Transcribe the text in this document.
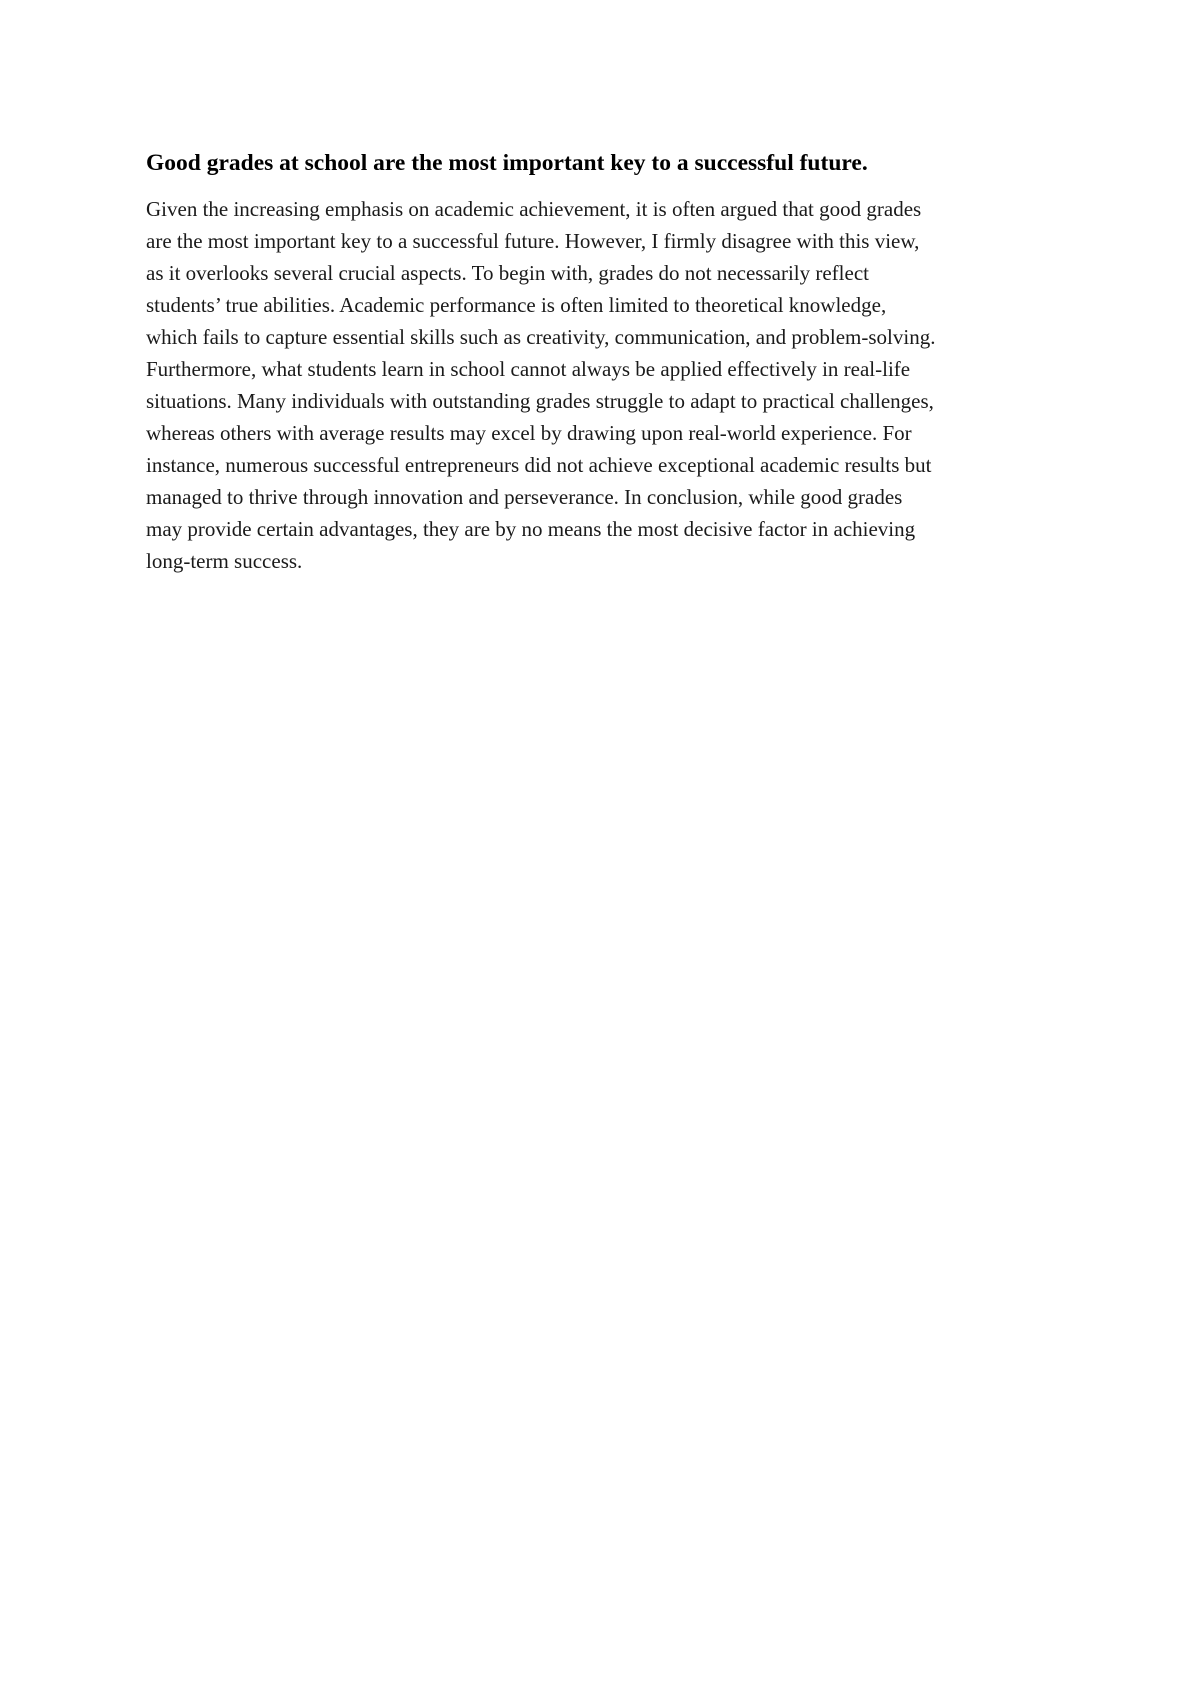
Good grades at school are the most important key to a successful future.

Given the increasing emphasis on academic achievement, it is often argued that good grades
are the most important key to a successful future. However, I firmly disagree with this view,
as it overlooks several crucial aspects. To begin with, grades do not necessarily reflect
students’ true abilities. Academic performance is often limited to theoretical knowledge,
which fails to capture essential skills such as creativity, communication, and problem-solving.
Furthermore, what students learn in school cannot always be applied effectively in real-life
situations. Many individuals with outstanding grades struggle to adapt to practical challenges,
whereas others with average results may excel by drawing upon real-world experience. For
instance, numerous successful entrepreneurs did not achieve exceptional academic results but
managed to thrive through innovation and perseverance. In conclusion, while good grades
may provide certain advantages, they are by no means the most decisive factor in achieving
long-term success.
